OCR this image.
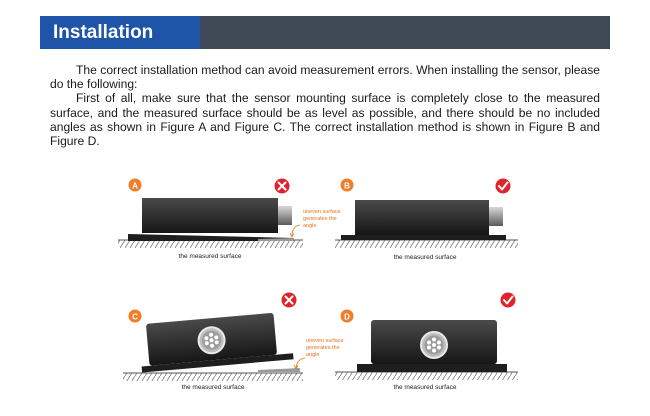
Installation

The correct installation method can avoid measurement errors. When installing the sensor, please do the following:

First of all, make sure that the sensor mounting surface is completely close to the measured surface, and the measured surface should be as level as possible, and there should be no included angles as shown in Figure A and Figure C. The correct installation method is shown in Figure B and Figure D.

A
uneven surface
generates the
angle
the measured surface
B
the measured surface
C
uneven surface
generates the
angle
the measured surface
D
the measured surface
